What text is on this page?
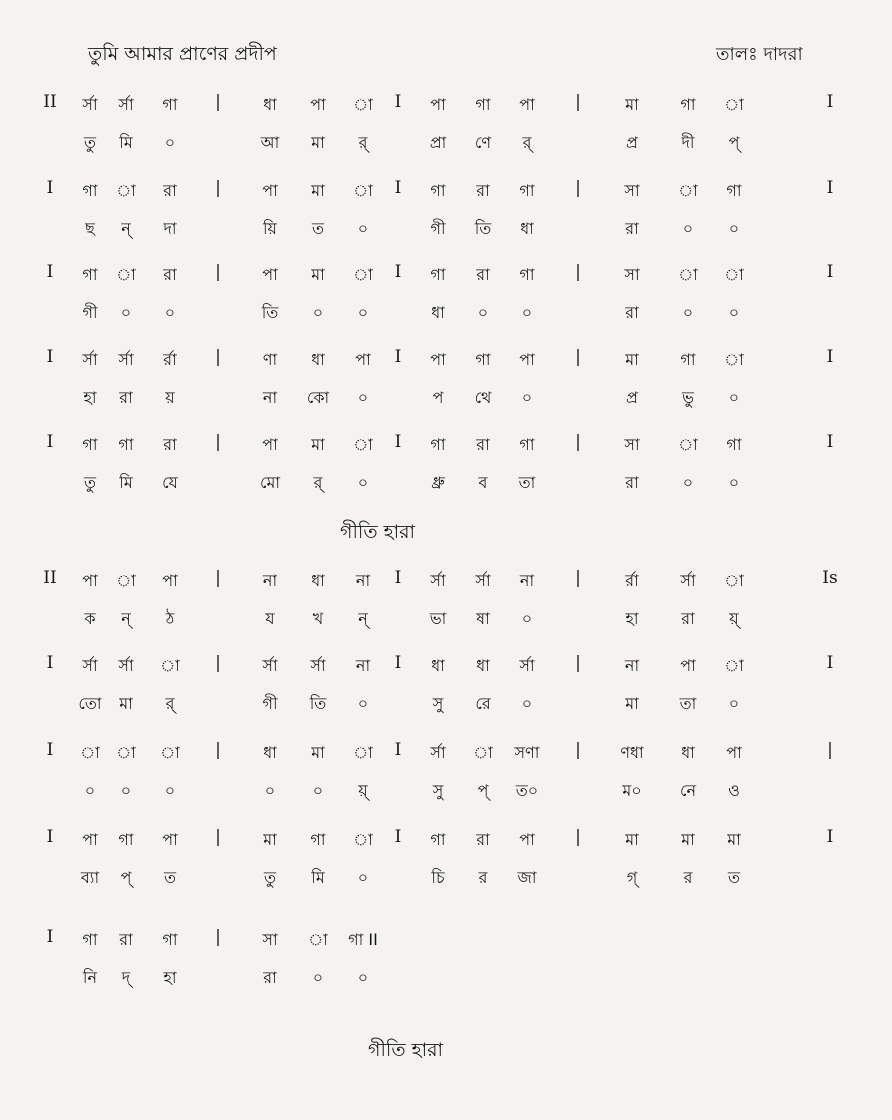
তুমি আমার প্রাণের প্রদীপ	তালঃ দাদরা
গীতি হারা
গীতি হারা
II	র্সা	র্সা	গা	|	ধা	পা	া	I	পা	গা	পা	|	মা	গা	া	I
তু	মি	০	আ	মা	র্	প্রা	ণে	র্	প্র	দী	প্
I	গা	া	রা	|	পা	মা	া	I	গা	রা	গা	|	সা	া	গা	I
ছ	ন্	দা	য়ি	ত	০	গী	তি	ধা	রা	০	০
I	গা	া	রা	|	পা	মা	া	I	গা	রা	গা	|	সা	া	া	I
গী	০	০	তি	০	০	ধা	০	০	রা	০	০
I	র্সা	র্সা	র্রা	|	ণা	ধা	পা	I	পা	গা	পা	|	মা	গা	া	I
হা	রা	য়	না	কো	০	প	থে	০	প্র	ভু	০
I	গা	গা	রা	|	পা	মা	া	I	গা	রা	গা	|	সা	া	গা	I
তু	মি	যে	মো	র্	০	ধ্রু	ব	তা	রা	০	০
II	পা	া	পা	|	না	ধা	না	I	র্সা	র্সা	না	|	র্রা	র্সা	া	Is
ক	ন্	ঠ	য	খ	ন্	ভা	ষা	০	হা	রা	য়্
I	র্সা	র্সা	া	|	র্সা	র্সা	না	I	ধা	ধা	র্সা	|	না	পা	া	I
তো	মা	র্	গী	তি	০	সু	রে	০	মা	তা	০
I	া	া	া	|	ধা	মা	া	I	র্সা	া	সণা	|	ণধা	ধা	পা	|
০	০	০	০	০	য়্	সু	প্	ত০	ম০	নে	ও
I	পা	গা	পা	|	মা	গা	া	I	গা	রা	পা	|	মা	মা	মা	I
ব্যা	প্	ত	তু	মি	০	চি	র	জা	গ্	র	ত
I	গা	রা	গা	|	সা	া	গা II
নি	দ্	হা	রা	০	০
